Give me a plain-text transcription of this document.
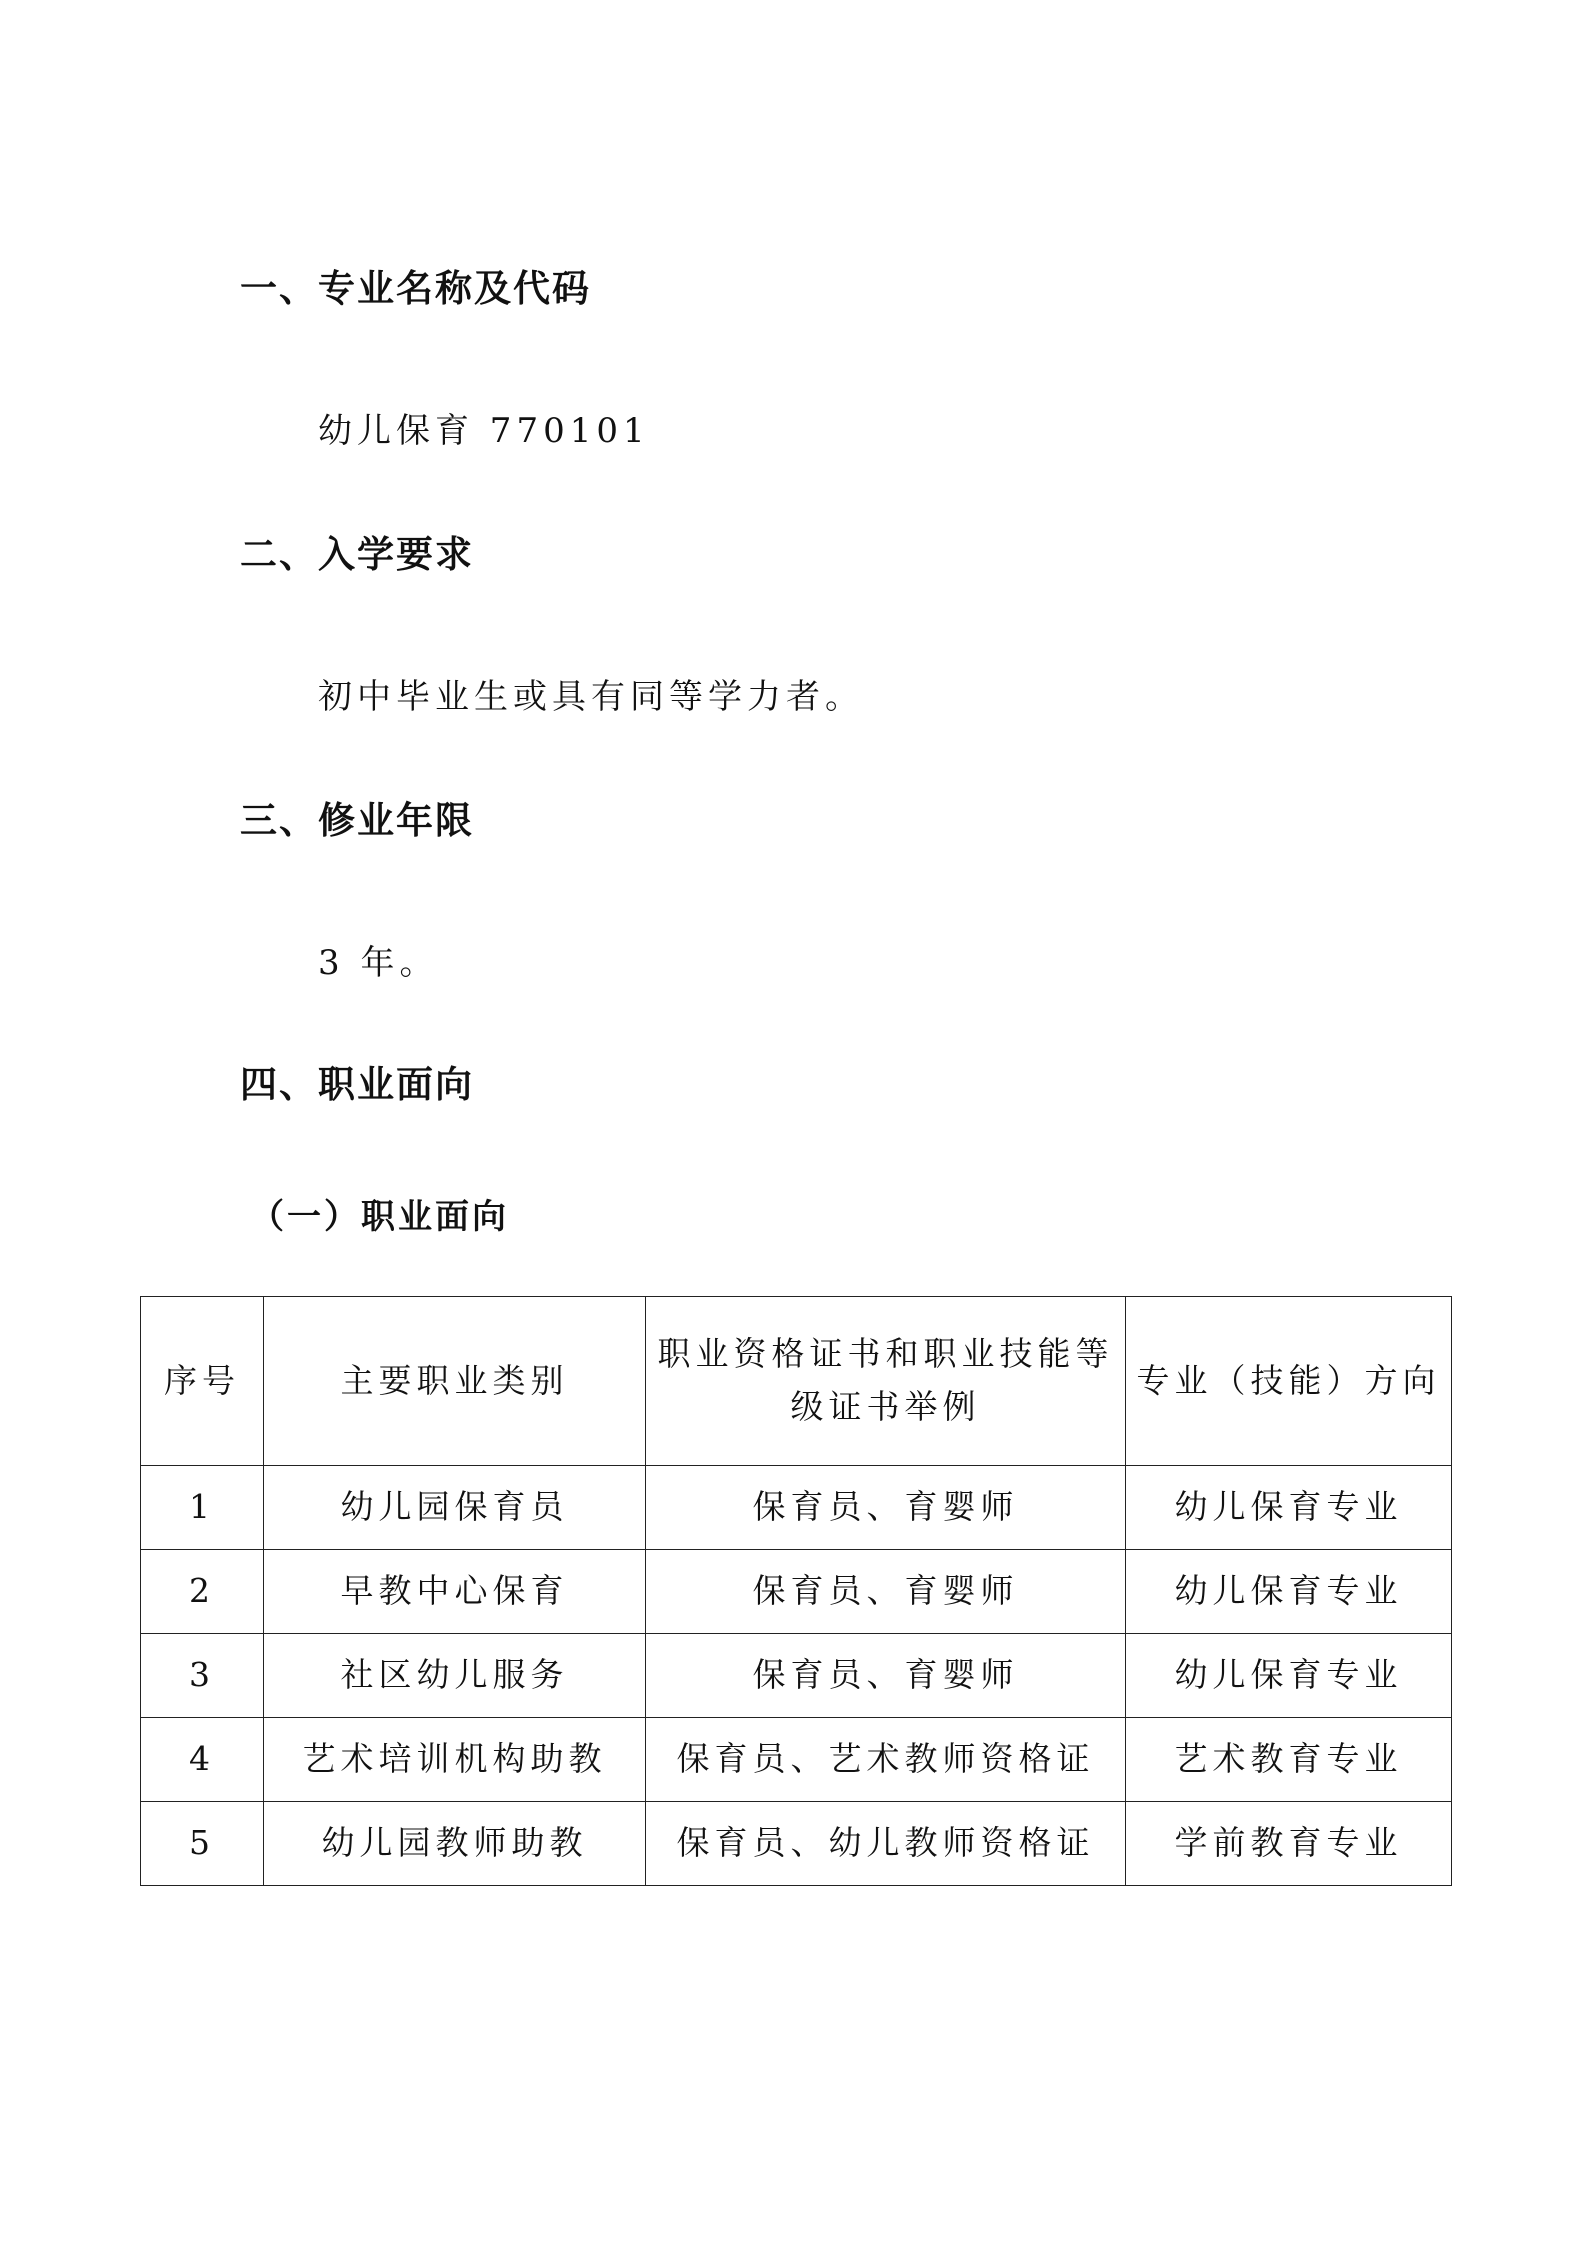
一、专业名称及代码
幼儿保育 770101
二、入学要求
初中毕业生或具有同等学力者。
三、修业年限
3 年。
四、职业面向
（一）职业面向
序号	主要职业类别	职业资格证书和职业技能等级证书举例	专业（技能）方向
1	幼儿园保育员	保育员、育婴师	幼儿保育专业
2	早教中心保育	保育员、育婴师	幼儿保育专业
3	社区幼儿服务	保育员、育婴师	幼儿保育专业
4	艺术培训机构助教	保育员、艺术教师资格证	艺术教育专业
5	幼儿园教师助教	保育员、幼儿教师资格证	学前教育专业
